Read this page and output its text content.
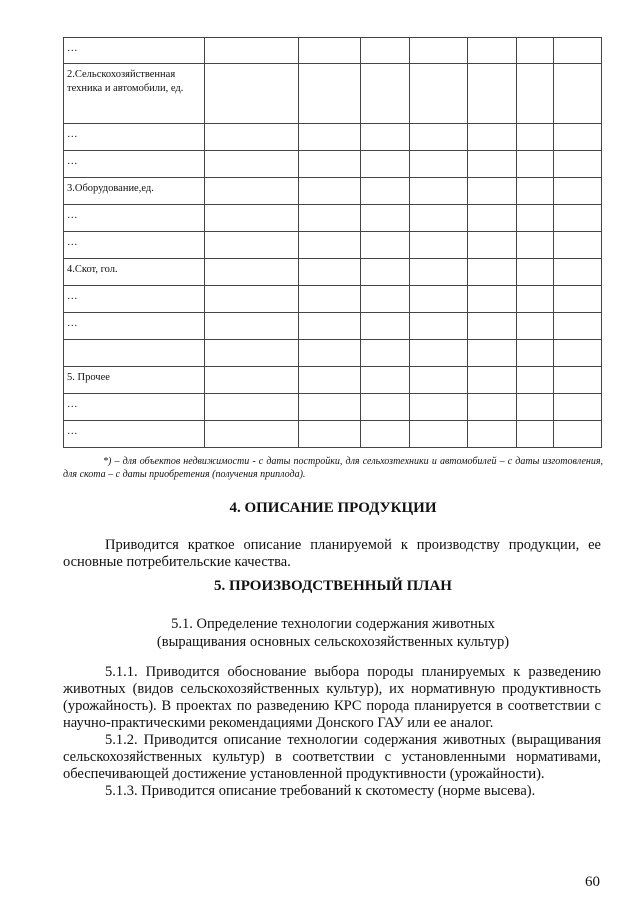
…							
2.Сельскохозяйственная техника и автомобили, ед.							
…							
…							
3.Оборудование,ед.							
…							
…							
4.Скот, гол.							
…							
…							

5. Прочее							
…							
…							
*) – для объектов недвижимости - с даты постройки, для сельхозтехники и автомобилей – с даты изготовления, для скота – с даты приобретения (получения приплода).
4. ОПИСАНИЕ ПРОДУКЦИИ

Приводится краткое описание планируемой к производству продукции, ее основные потребительские качества.

5. ПРОИЗВОДСТВЕННЫЙ ПЛАН
5.1. Определение технологии содержания животных
(выращивания основных сельскохозяйственных культур)

5.1.1. Приводится обоснование выбора породы планируемых к разведению животных (видов сельскохозяйственных культур), их нормативную продуктивность (урожайность). В проектах по разведению КРС порода планируется в соответствии с научно-практическими рекомендациями Донского ГАУ или ее аналог.

5.1.2. Приводится описание технологии содержания животных (выращивания сельскохозяйственных культур) в соответствии с установленными нормативами, обеспечивающей достижение установленной продуктивности (урожайности).

5.1.3. Приводится описание требований к скотоместу (норме высева).

60
